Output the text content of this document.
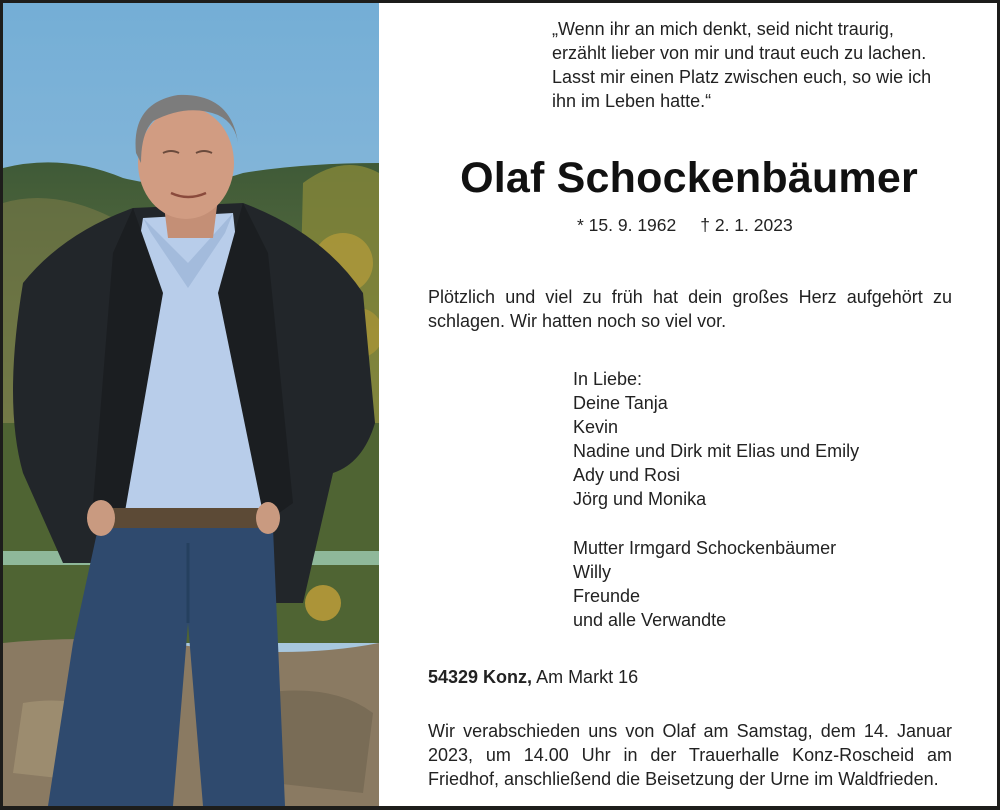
„Wenn ihr an mich denkt, seid nicht traurig,
erzählt lieber von mir und traut euch zu lachen.
Lasst mir einen Platz zwischen euch, so wie ich
ihn im Leben hatte.“
Olaf Schockenbäumer
* 15. 9. 1962 † 2. 1. 2023
Plötzlich und viel zu früh hat dein großes Herz aufgehört zu
schlagen. Wir hatten noch so viel vor.
In Liebe:
Deine Tanja
Kevin
Nadine und Dirk mit Elias und Emily
Ady und Rosi
Jörg und Monika
Mutter Irmgard Schockenbäumer
Willy
Freunde
und alle Verwandte
54329 Konz, Am Markt 16
Wir verabschieden uns von Olaf am Samstag, dem 14. Januar
2023, um 14.00 Uhr in der Trauerhalle Konz-Roscheid am
Friedhof, anschließend die Beisetzung der Urne im Waldfrieden.
